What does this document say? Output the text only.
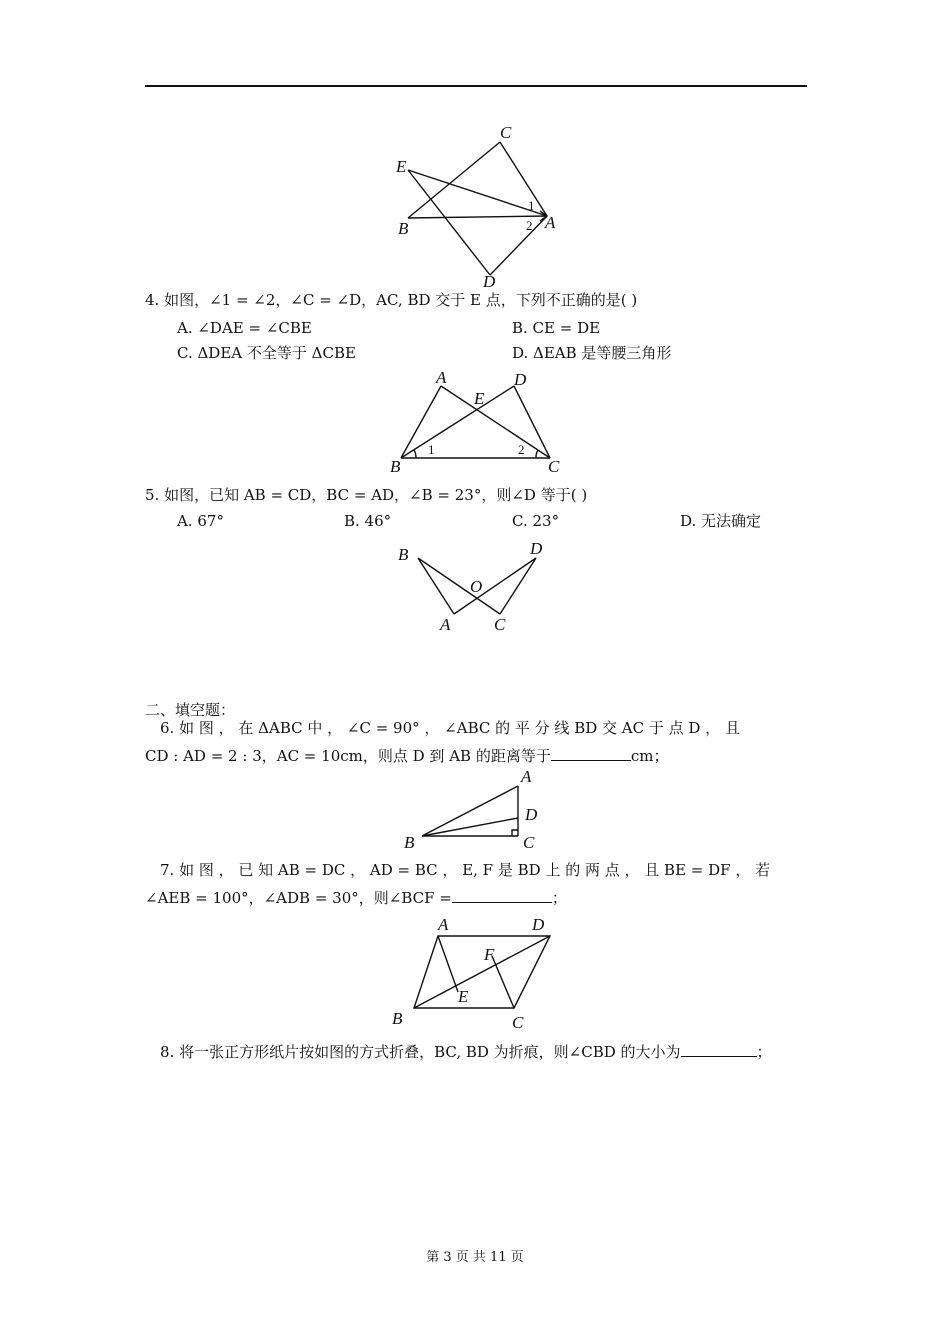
C
E
1
B	2 A
D
4. 如图，∠1 = ∠2，∠C = ∠D，AC, BD 交于 E 点，下列不正确的是( )
A. ∠DAE = ∠CBE	B. CE = DE
C. ΔDEA 不全等于 ΔCBE	D. ΔEAB 是等腰三角形
A	D
E
B
1	2
C
5. 如图，已知 AB = CD，BC = AD，∠B = 23°，则∠D 等于( )
A. 67°	B. 46°	C. 23°	D. 无法确定
B	D
O
A	C
二、填空题：
6. 如 图 ， 在 ΔABC 中 ， ∠C = 90° ， ∠ABC 的 平 分 线 BD 交 AC 于 点 D ， 且
CD : AD = 2 : 3，AC = 10cm，则点 D 到 AB 的距离等于	cm；
A
D
B	C
7. 如 图 ， 已 知 AB = DC ， AD = BC ， E, F 是 BD 上 的 两 点 ， 且 BE = DF ， 若
∠AEB = 100°，∠ADB = 30°，则∠BCF =	；
A	D
F
E
B	C
8. 将一张正方形纸片按如图的方式折叠，BC, BD 为折痕，则∠CBD 的大小为	；
第 3 页 共 11 页
